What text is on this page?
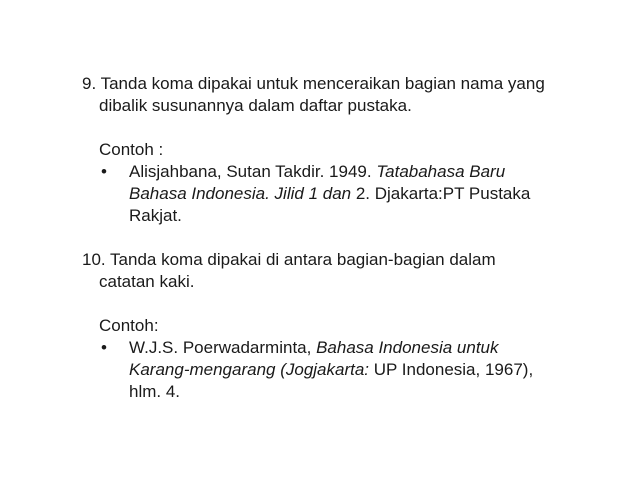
9. Tanda koma dipakai untuk menceraikan bagian nama yang dibalik susunannya dalam daftar pustaka.
Contoh :
• Alisjahbana, Sutan Takdir. 1949. Tatabahasa Baru Bahasa Indonesia. Jilid 1 dan 2. Djakarta:PT Pustaka Rakjat.
10. Tanda koma dipakai di antara bagian-bagian dalam catatan kaki.
Contoh:
• W.J.S. Poerwadarminta, Bahasa Indonesia untuk Karang-mengarang (Jogjakarta: UP Indonesia, 1967), hlm. 4.
